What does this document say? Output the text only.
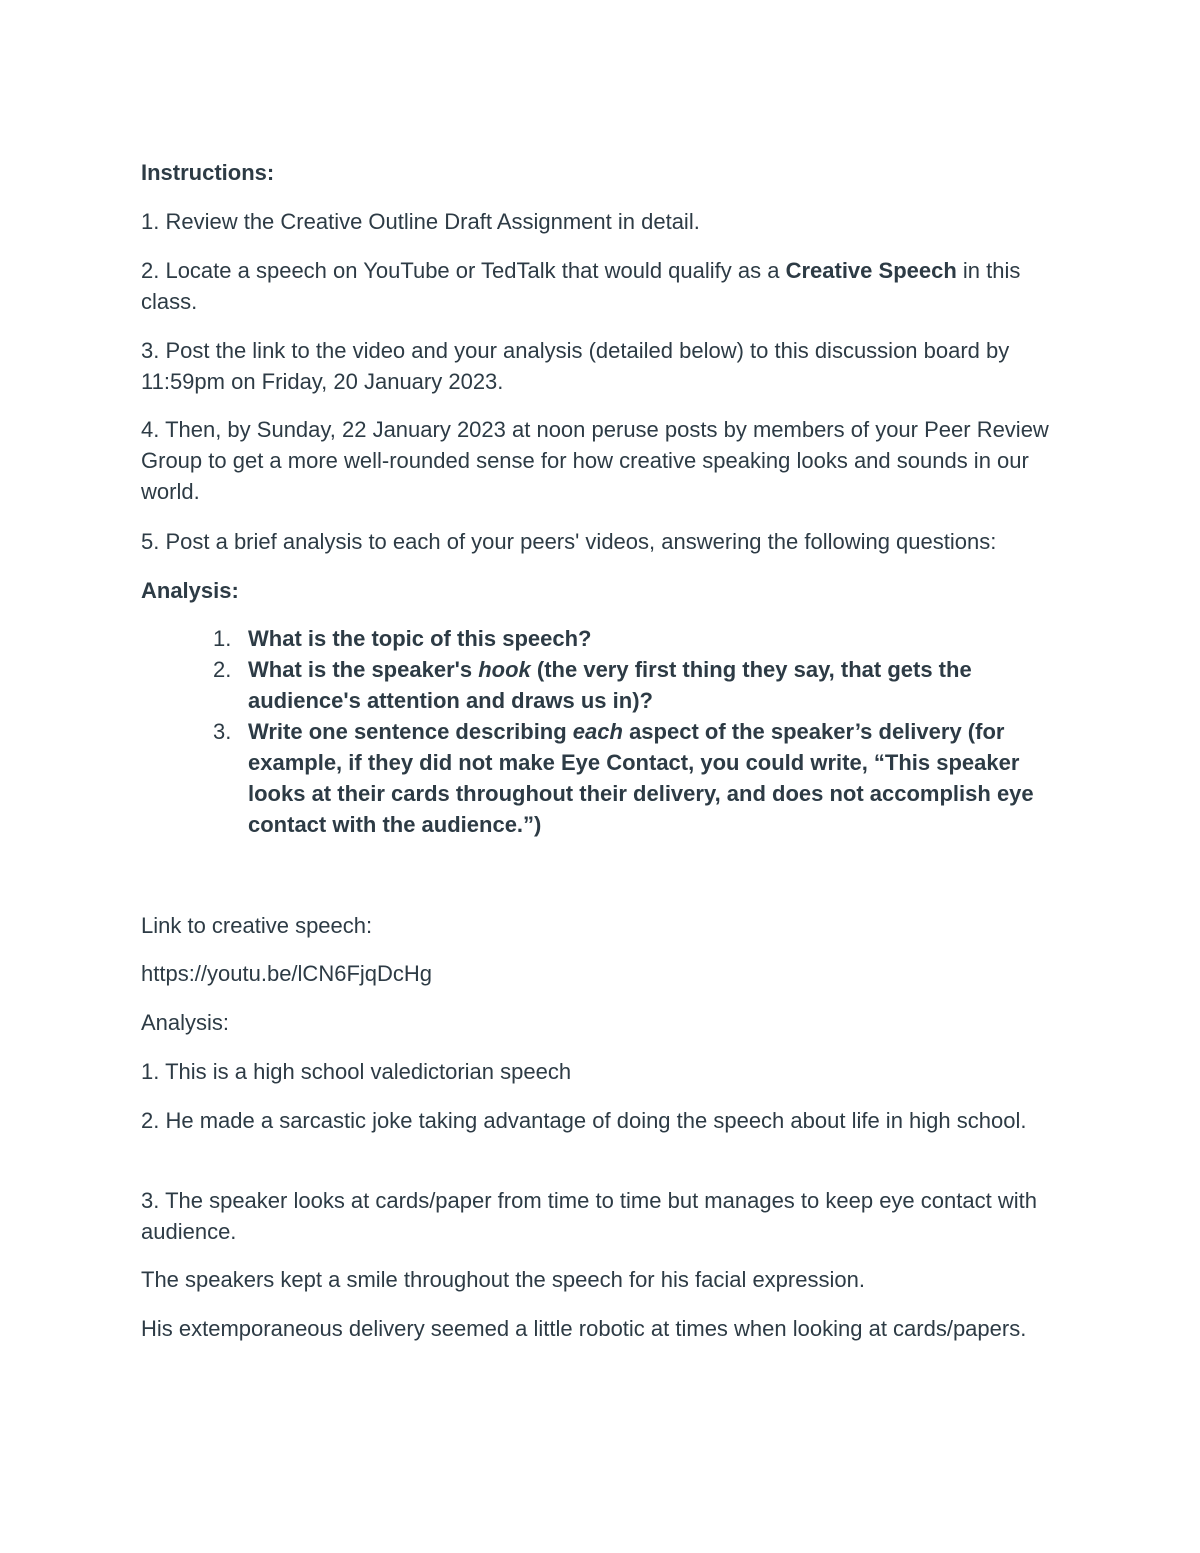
Instructions:

1. Review the Creative Outline Draft Assignment in detail.

2. Locate a speech on YouTube or TedTalk that would qualify as a Creative Speech in this class.

3. Post the link to the video and your analysis (detailed below) to this discussion board by 11:59pm on Friday, 20 January 2023.

4. Then, by Sunday, 22 January 2023 at noon peruse posts by members of your Peer Review Group to get a more well-rounded sense for how creative speaking looks and sounds in our world.

5. Post a brief analysis to each of your peers' videos, answering the following questions:

Analysis:

1. What is the topic of this speech?
2. What is the speaker's hook (the very first thing they say, that gets the audience's attention and draws us in)?
3. Write one sentence describing each aspect of the speaker’s delivery (for example, if they did not make Eye Contact, you could write, “This speaker looks at their cards throughout their delivery, and does not accomplish eye contact with the audience.”)

Link to creative speech:

https://youtu.be/lCN6FjqDcHg

Analysis:

1. This is a high school valedictorian speech

2. He made a sarcastic joke taking advantage of doing the speech about life in high school.

3. The speaker looks at cards/paper from time to time but manages to keep eye contact with audience.

The speakers kept a smile throughout the speech for his facial expression.

His extemporaneous delivery seemed a little robotic at times when looking at cards/papers.
